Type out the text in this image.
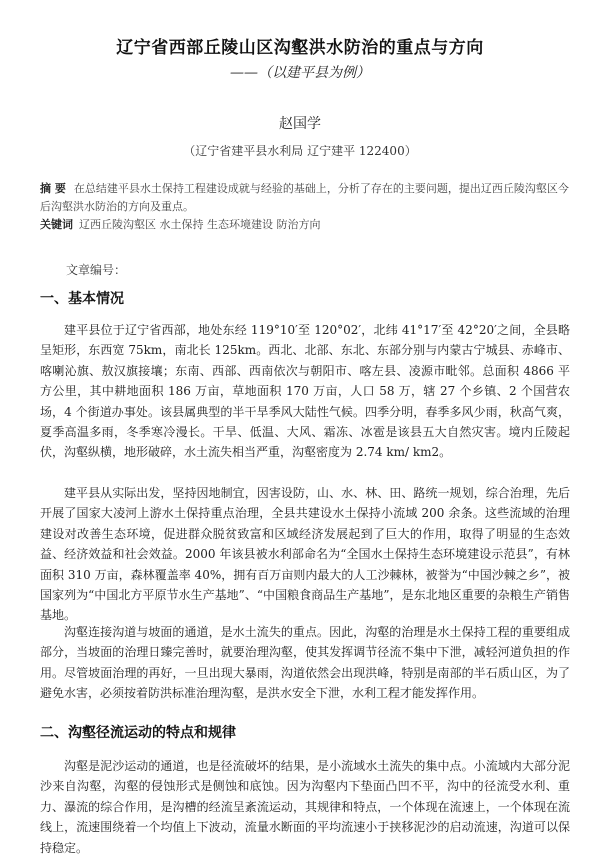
辽宁省西部丘陵山区沟壑洪水防治的重点与方向
——（以建平县为例）
赵国学
（辽宁省建平县水利局 辽宁建平 122400）
摘 要 在总结建平县水土保持工程建设成就与经验的基础上，分析了存在的主要问题，提出辽西丘陵沟壑区今后沟壑洪水防治的方向及重点。
关键词 辽西丘陵沟壑区 水土保持 生态环境建设 防治方向
文章编号：
一、基本情况

建平县位于辽宁省西部，地处东经 119°10′至 120°02′，北纬 41°17′至 42°20′之间，全县略呈矩形，东西宽 75km，南北长 125km。西北、北部、东北、东部分别与内蒙古宁城县、赤峰市、喀喇沁旗、敖汉旗接壤；东南、西部、西南依次与朝阳市、喀左县、凌源市毗邻。总面积 4866 平方公里，其中耕地面积 186 万亩，草地面积 170 万亩，人口 58 万，辖 27 个乡镇、2 个国营农场，4 个街道办事处。该县属典型的半干旱季风大陆性气候。四季分明，春季多风少雨，秋高气爽，夏季高温多雨，冬季寒冷漫长。干旱、低温、大风、霜冻、冰雹是该县五大自然灾害。境内丘陵起伏，沟壑纵横，地形破碎，水土流失相当严重，沟壑密度为 2.74 km/ km2。

建平县从实际出发，坚持因地制宜，因害设防，山、水、林、田、路统一规划，综合治理，先后开展了国家大凌河上游水土保持重点治理，全县共建设水土保持小流域 200 余条。这些流域的治理建设对改善生态环境，促进群众脱贫致富和区域经济发展起到了巨大的作用，取得了明显的生态效益、经济效益和社会效益。2000 年该县被水利部命名为“全国水土保持生态环境建设示范县”，有林面积 310 万亩，森林覆盖率 40%，拥有百万亩则内最大的人工沙棘林，被誉为“中国沙棘之乡”，被国家列为“中国北方平原节水生产基地”、“中国粮食商品生产基地”，是东北地区重要的杂粮生产销售基地。

沟壑连接沟道与坡面的通道，是水土流失的重点。因此，沟壑的治理是水土保持工程的重要组成部分，当坡面的治理日臻完善时，就要治理沟壑，使其发挥调节径流不集中下泄，减轻河道负担的作用。尽管坡面治理的再好，一旦出现大暴雨，沟道依然会出现洪峰，特别是南部的半石质山区，为了避免水害，必须按着防洪标准治理沟壑，是洪水安全下泄，水利工程才能发挥作用。

二、沟壑径流运动的特点和规律

沟壑是泥沙运动的通道，也是径流破坏的结果，是小流域水土流失的集中点。小流域内大部分泥沙来自沟壑，沟壑的侵蚀形式是侧蚀和底蚀。因为沟壑内下垫面凸凹不平，沟中的径流受水利、重力、瀑流的综合作用，是沟槽的经流呈紊流运动，其规律和特点，一个体现在流速上，一个体现在流线上，流速围绕着一个均值上下波动，流量水断面的平均流速小于挟移泥沙的启动流速，沟道可以保持稳定。
